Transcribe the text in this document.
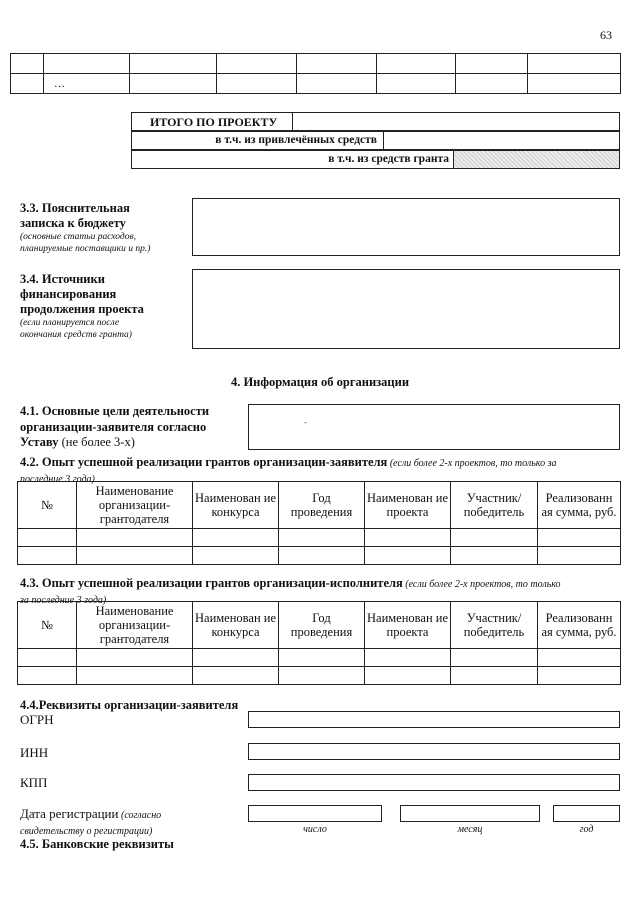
63

	…						
ИТОГО ПО ПРОЕКТУ
в т.ч. из привлечённых средств
в т.ч. из средств гранта
3.3. Пояснительная
записка к бюджету
(основные статьи расходов,
планируемые поставщики и пр.)
3.4. Источники
финансирования
продолжения проекта
(если планируется после
окончания средств гранта)
4. Информация об организации
4.1. Основные цели деятельности
организации-заявителя согласно
Уставу (не более 3-х)
-
4.2. Опыт успешной реализации грантов организации-заявителя (если более 2-х проектов, то только за
последние 3 года)
№	Наименование организации-грантодателя	Наименован ие конкурса	Год проведения	Наименован ие проекта	Участник/ победитель	Реализованн ая сумма, руб.

4.3. Опыт успешной реализации грантов организации-исполнителя (если более 2-х проектов, то только
за последние 3 года)
№	Наименование организации-грантодателя	Наименован ие конкурса	Год проведения	Наименован ие проекта	Участник/ победитель	Реализованн ая сумма, руб.

4.4.Реквизиты организации-заявителя
ОГРН
ИНН
КПП
Дата регистрации (согласно
свидетельству о регистрации)	число	месяц	год
4.5. Банковские реквизиты
